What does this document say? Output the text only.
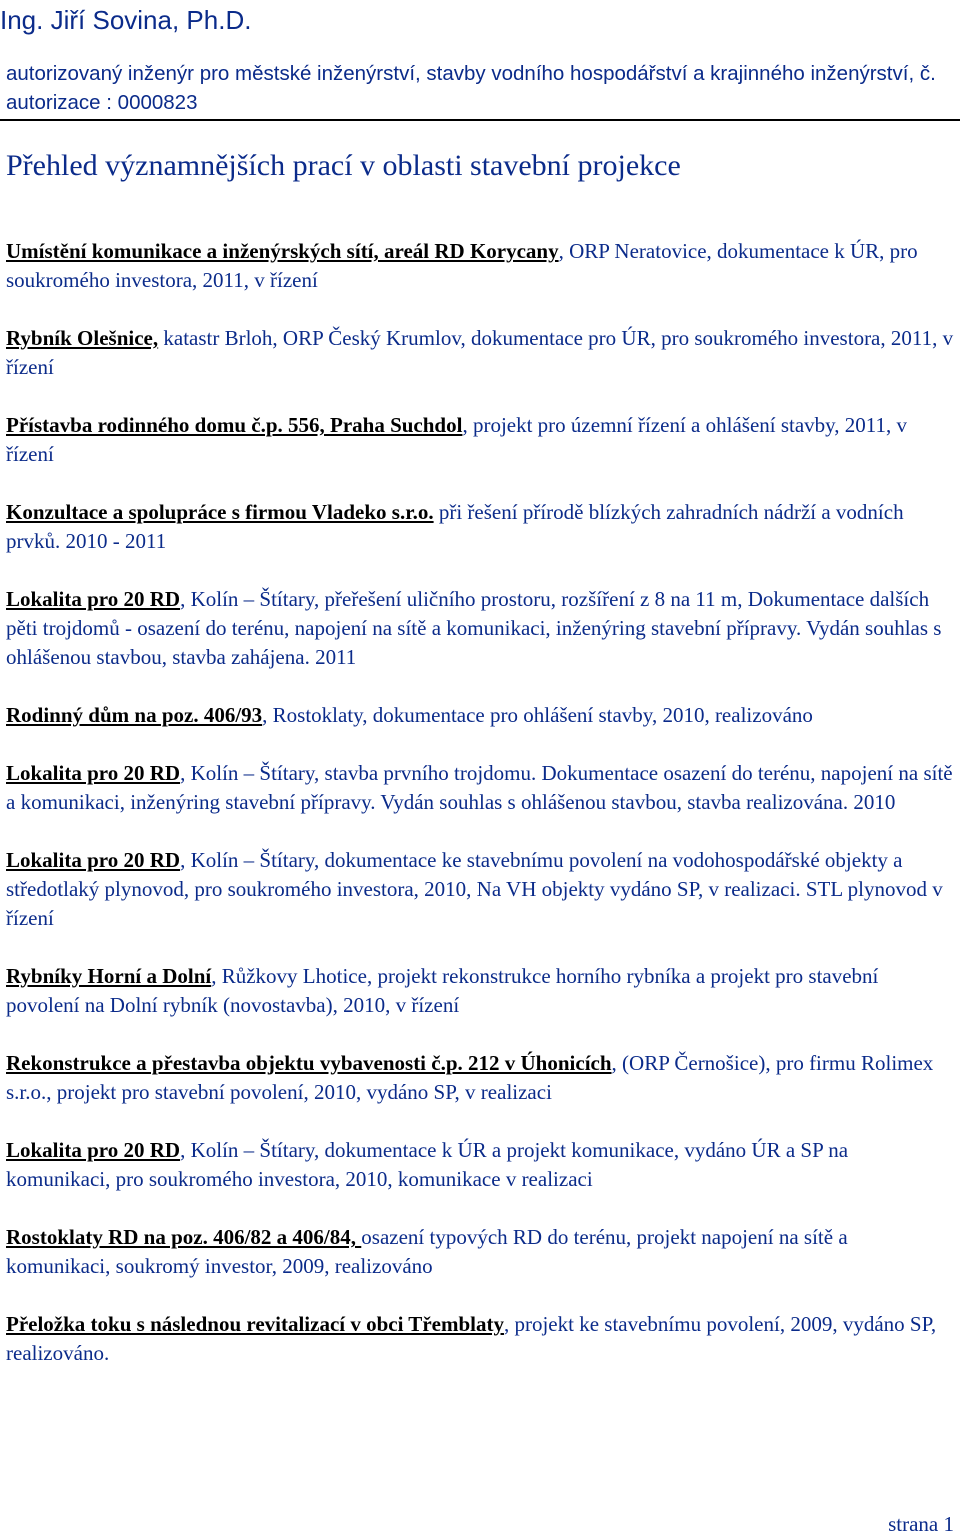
Ing. Jiří Sovina, Ph.D.
autorizovaný inženýr pro městské inženýrství, stavby vodního hospodářství a krajinného inženýrství, č. autorizace : 0000823
Přehled významnějších prací v oblasti stavební projekce

Umístění komunikace a inženýrských sítí, areál RD Korycany, ORP Neratovice, dokumentace k ÚR, pro soukromého investora, 2011, v řízení

Rybník Olešnice, katastr Brloh, ORP Český Krumlov, dokumentace pro ÚR, pro soukromého investora, 2011, v řízení

Přístavba rodinného domu č.p. 556, Praha Suchdol, projekt pro územní řízení a ohlášení stavby, 2011, v řízení

Konzultace a spolupráce s firmou Vladeko s.r.o. při řešení přírodě blízkých zahradních nádrží a vodních prvků. 2010 - 2011

Lokalita pro 20 RD, Kolín – Štítary, přeřešení uličního prostoru, rozšíření z 8 na 11 m, Dokumentace dalších pěti trojdomů - osazení do terénu, napojení na sítě a komunikaci, inženýring stavební přípravy. Vydán souhlas s ohlášenou stavbou, stavba zahájena. 2011

Rodinný dům na poz. 406/93, Rostoklaty, dokumentace pro ohlášení stavby, 2010, realizováno

Lokalita pro 20 RD, Kolín – Štítary, stavba prvního trojdomu. Dokumentace osazení do terénu, napojení na sítě a komunikaci, inženýring stavební přípravy. Vydán souhlas s ohlášenou stavbou, stavba realizována. 2010

Lokalita pro 20 RD, Kolín – Štítary, dokumentace ke stavebnímu povolení na vodohospodářské objekty a středotlaký plynovod, pro soukromého investora, 2010, Na VH objekty vydáno SP, v realizaci. STL plynovod v řízení

Rybníky Horní a Dolní, Růžkovy Lhotice, projekt rekonstrukce horního rybníka a projekt pro stavební povolení na Dolní rybník (novostavba), 2010, v řízení

Rekonstrukce a přestavba objektu vybavenosti č.p. 212 v Úhonicích, (ORP Černošice), pro firmu Rolimex s.r.o., projekt pro stavební povolení, 2010, vydáno SP, v realizaci

Lokalita pro 20 RD, Kolín – Štítary, dokumentace k ÚR a projekt komunikace, vydáno ÚR a SP na komunikaci, pro soukromého investora, 2010, komunikace v realizaci

Rostoklaty RD na poz. 406/82 a 406/84, osazení typových RD do terénu, projekt napojení na sítě a komunikaci, soukromý investor, 2009, realizováno

Přeložka toku s následnou revitalizací v obci Třemblaty, projekt ke stavebnímu povolení, 2009, vydáno SP, realizováno.

strana 1
